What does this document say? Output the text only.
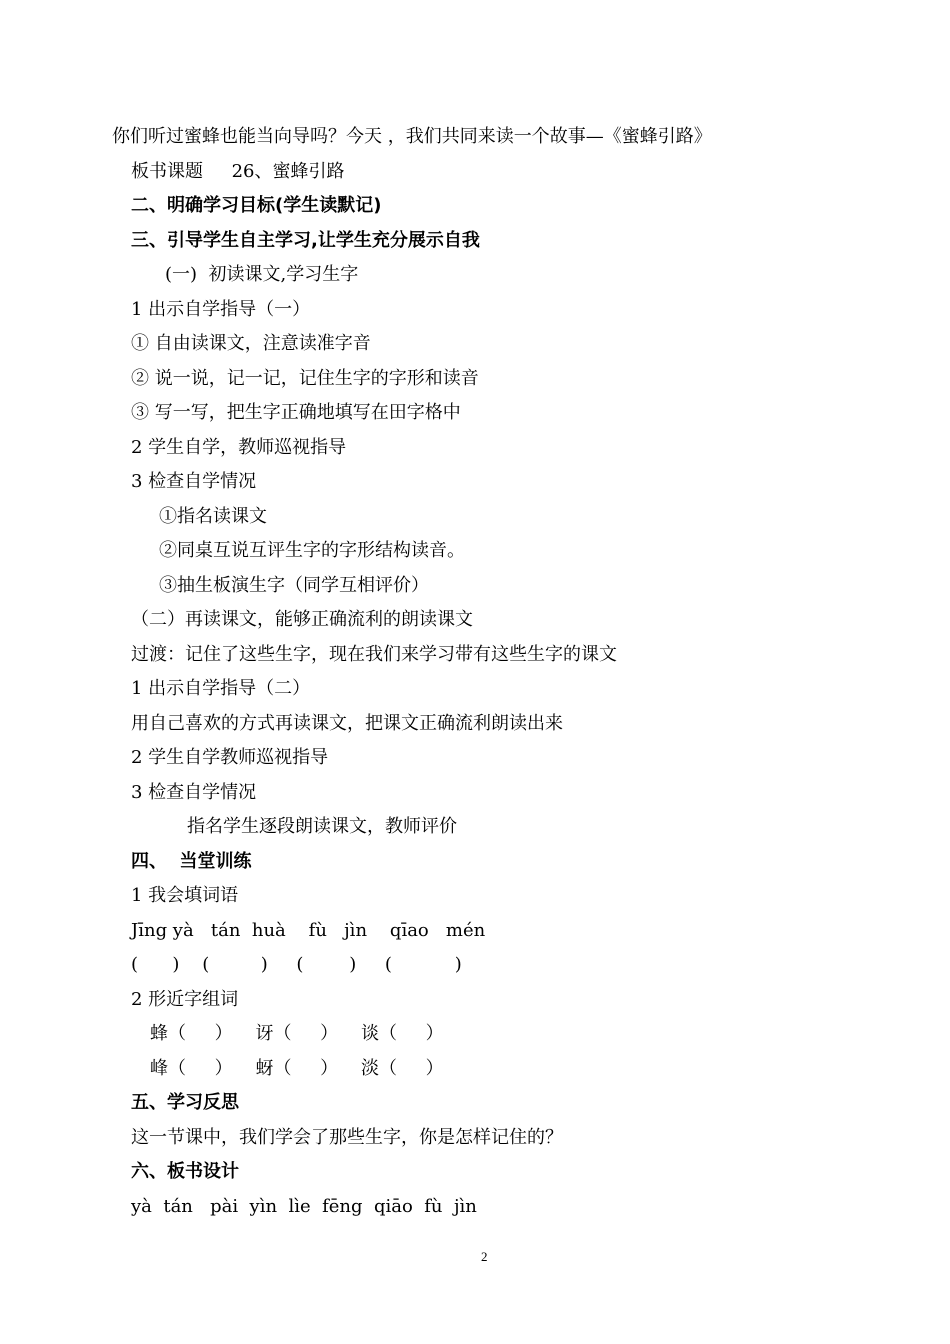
你们听过蜜蜂也能当向导吗？今天 ，我们共同来读一个故事—《蜜蜂引路》
板书课题     26、蜜蜂引路
二、明确学习目标(学生读默记)
三、引导学生自主学习,让学生充分展示自我
(一)  初读课文,学习生字
1 出示自学指导（一）
① 自由读课文，注意读准字音
② 说一说，记一记，记住生字的字形和读音
③ 写一写，把生字正确地填写在田字格中
2 学生自学，教师巡视指导
3 检查自学情况
①指名读课文
②同桌互说互评生字的字形结构读音。
③抽生板演生字（同学互相评价）
（二）再读课文，能够正确流利的朗读课文
过渡：记住了这些生字，现在我们来学习带有这些生字的课文
1 出示自学指导（二）
用自己喜欢的方式再读课文，把课文正确流利朗读出来
2 学生自学教师巡视指导
3 检查自学情况
指名学生逐段朗读课文，教师评价
四、  当堂训练
1 我会填词语
Jīng yà   tán  huà    fù   jìn    qīao   mén
(      )    (         )     (        )     (           )
2 形近字组词
蜂（     ）    讶（     ）    谈（     ）
峰（     ）    蚜（     ）    淡（     ）
五、学习反思
这一节课中，我们学会了那些生字，你是怎样记住的？
六、板书设计
yà  tán   pài  yìn  lìe  fēng  qiāo  fù  jìn
2
